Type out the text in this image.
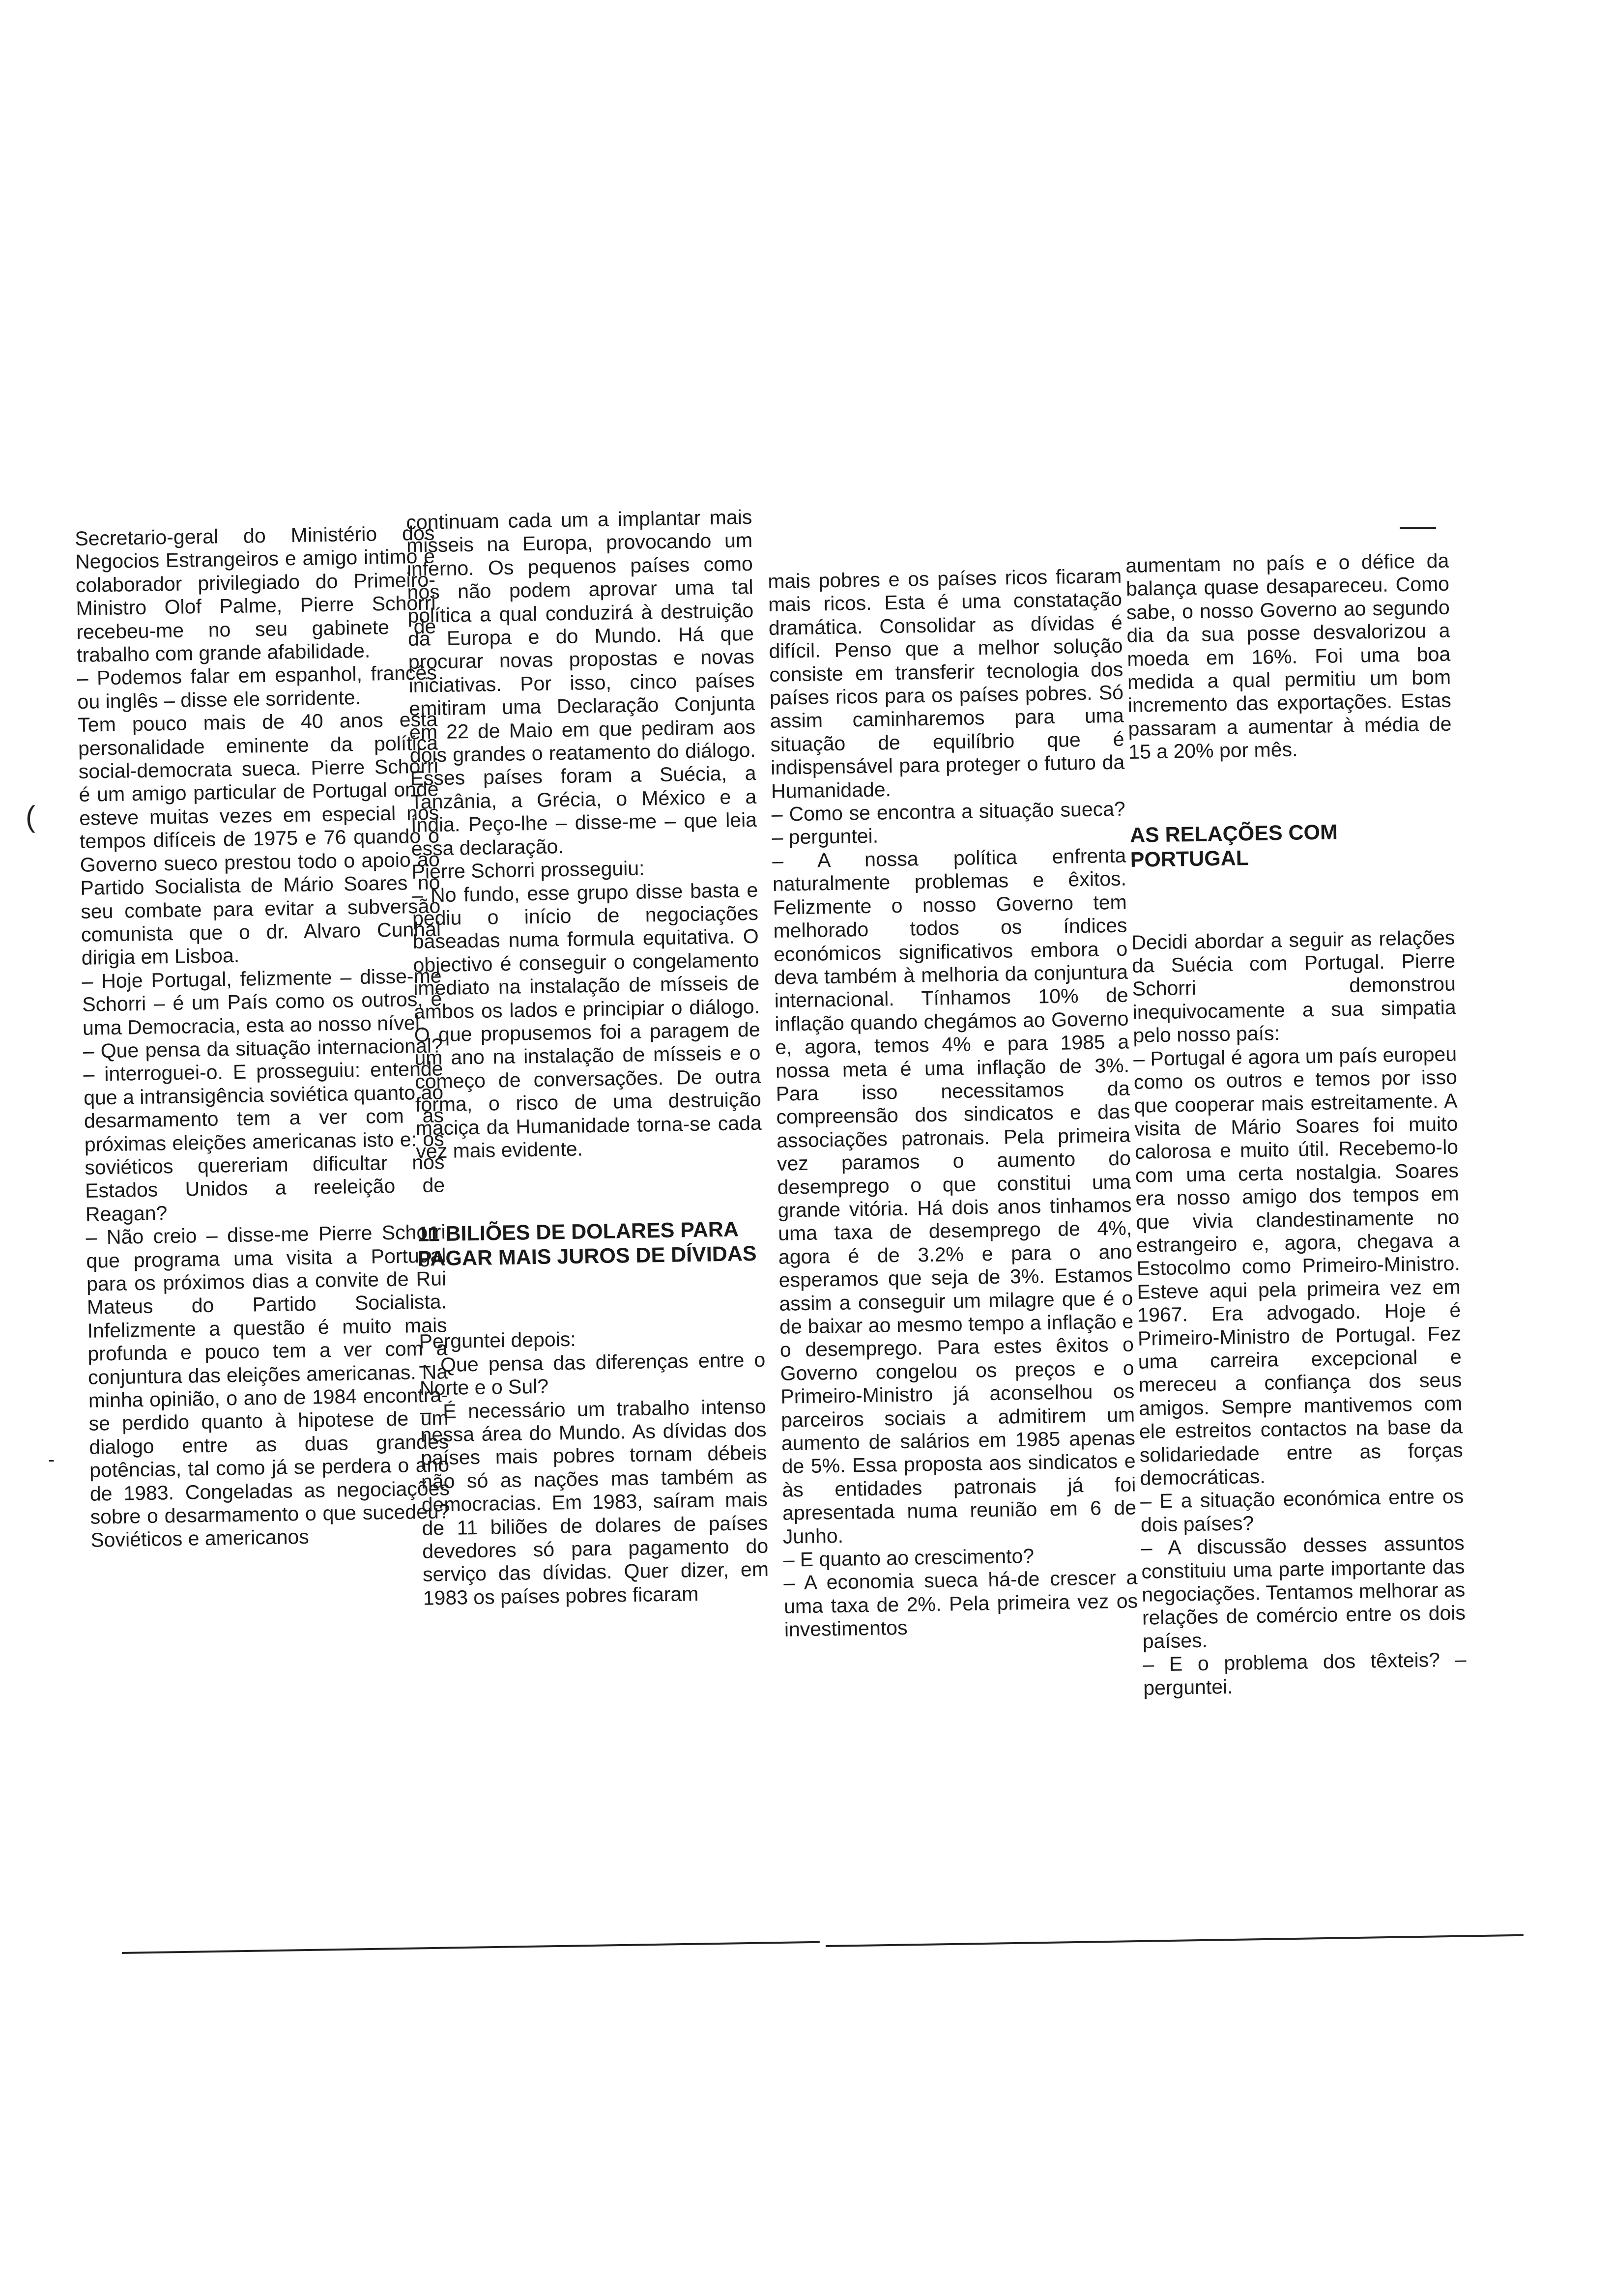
Secretario-geral do Ministério dos Negocios Estrangeiros e amigo intimo e colaborador privilegiado do Primeiro-Ministro Olof Palme, Pierre Schorri recebeu-me no seu gabinete de trabalho com grande afabilidade.

– Podemos falar em espanhol, francês ou inglês – disse ele sorridente.

Tem pouco mais de 40 anos esta personalidade eminente da política social-democrata sueca. Pierre Schorri é um amigo particular de Portugal onde esteve muitas vezes em especial nos tempos difíceis de 1975 e 76 quando o Governo sueco prestou todo o apoio ao Partido Socialista de Mário Soares no seu combate para evitar a subversão comunista que o dr. Alvaro Cunhal dirigia em Lisboa.

– Hoje Portugal, felizmente – disse-me Schorri – é um País como os outros, é uma Democracia, esta ao nosso nível.

– Que pensa da situação internacional? – interroguei-o. E prosseguiu: entende que a intransigência soviética quanto ao desarmamento tem a ver com as próximas eleições americanas isto e: os soviéticos quereriam dificultar nos Estados Unidos a reeleição de Reagan?

– Não creio – disse-me Pierre Schorri que programa uma visita a Portugal para os próximos dias a convite de Rui Mateus do Partido Socialista. Infelizmente a questão é muito mais profunda e pouco tem a ver com a conjuntura das eleições americanas. Na minha opinião, o ano de 1984 encontra-se perdido quanto à hipotese de um dialogo entre as duas grandes potências, tal como já se perdera o ano de 1983. Congeladas as negociações sobre o desarmamento o que sucedeu? Soviéticos e americanos

continuam cada um a implantar mais misseis na Europa, provocando um inferno. Os pequenos países como nós não podem aprovar uma tal política a qual conduzirá à destruição da Europa e do Mundo. Há que procurar novas propostas e novas iniciativas. Por isso, cinco países emitiram uma Declaração Conjunta em 22 de Maio em que pediram aos dois grandes o reatamento do diálogo. Esses países foram a Suécia, a Tanzânia, a Grécia, o México e a Índia. Peço-lhe – disse-me – que leia essa declaração.

Pierre Schorri prosseguiu:

– No fundo, esse grupo disse basta e pediu o início de negociações baseadas numa formula equitativa. O objectivo é conseguir o congelamento imediato na instalação de mísseis de ambos os lados e principiar o diálogo. O que propusemos foi a paragem de um ano na instalação de mísseis e o começo de conversações. De outra forma, o risco de uma destruição maciça da Humanidade torna-se cada vez mais evidente.

11 BILIÕES DE DOLARES PARA PAGAR MAIS JUROS DE DÍVIDAS

Perguntei depois:

– Que pensa das diferenças entre o Norte e o Sul?

– É necessário um trabalho intenso nessa área do Mundo. As dívidas dos países mais pobres tornam débeis não só as nações mas também as democracias. Em 1983, saíram mais de 11 biliões de dolares de países devedores só para pagamento do serviço das dívidas. Quer dizer, em 1983 os países pobres ficaram

mais pobres e os países ricos ficaram mais ricos. Esta é uma constatação dramática. Consolidar as dívidas é difícil. Penso que a melhor solução consiste em transferir tecnologia dos países ricos para os países pobres. Só assim caminharemos para uma situação de equilíbrio que é indispensável para proteger o futuro da Humanidade.

– Como se encontra a situação sueca? – perguntei.

– A nossa política enfrenta naturalmente problemas e êxitos. Felizmente o nosso Governo tem melhorado todos os índices económicos significativos embora o deva também à melhoria da conjuntura internacional. Tínhamos 10% de inflação quando chegámos ao Governo e, agora, temos 4% e para 1985 a nossa meta é uma inflação de 3%. Para isso necessitamos da compreensão dos sindicatos e das associações patronais. Pela primeira vez paramos o aumento do desemprego o que constitui uma grande vitória. Há dois anos tinhamos uma taxa de desemprego de 4%, agora é de 3.2% e para o ano esperamos que seja de 3%. Estamos assim a conseguir um milagre que é o de baixar ao mesmo tempo a inflação e o desemprego. Para estes êxitos o Governo congelou os preços e o Primeiro-Ministro já aconselhou os parceiros sociais a admitirem um aumento de salários em 1985 apenas de 5%. Essa proposta aos sindicatos e às entidades patronais já foi apresentada numa reunião em 6 de Junho.

– E quanto ao crescimento?

– A economia sueca há-de crescer a uma taxa de 2%. Pela primeira vez os investimentos

aumentam no país e o défice da balança quase desapareceu. Como sabe, o nosso Governo ao segundo dia da sua posse desvalorizou a moeda em 16%. Foi uma boa medida a qual permitiu um bom incremento das exportações. Estas passaram a aumentar à média de 15 a 20% por mês.

AS RELAÇÕES COM PORTUGAL

Decidi abordar a seguir as relações da Suécia com Portugal. Pierre Schorri demonstrou inequivocamente a sua simpatia pelo nosso país:

– Portugal é agora um país europeu como os outros e temos por isso que cooperar mais estreitamente. A visita de Mário Soares foi muito calorosa e muito útil. Recebemo-lo com uma certa nostalgia. Soares era nosso amigo dos tempos em que vivia clandestinamente no estrangeiro e, agora, chegava a Estocolmo como Primeiro-Ministro. Esteve aqui pela primeira vez em 1967. Era advogado. Hoje é Primeiro-Ministro de Portugal. Fez uma carreira excepcional e mereceu a confiança dos seus amigos. Sempre mantivemos com ele estreitos contactos na base da solidariedade entre as forças democráticas.

– E a situação económica entre os dois países?

– A discussão desses assuntos constituiu uma parte importante das negociações. Tentamos melhorar as relações de comércio entre os dois países.

– E o problema dos têxteis? – perguntei.

(
-
